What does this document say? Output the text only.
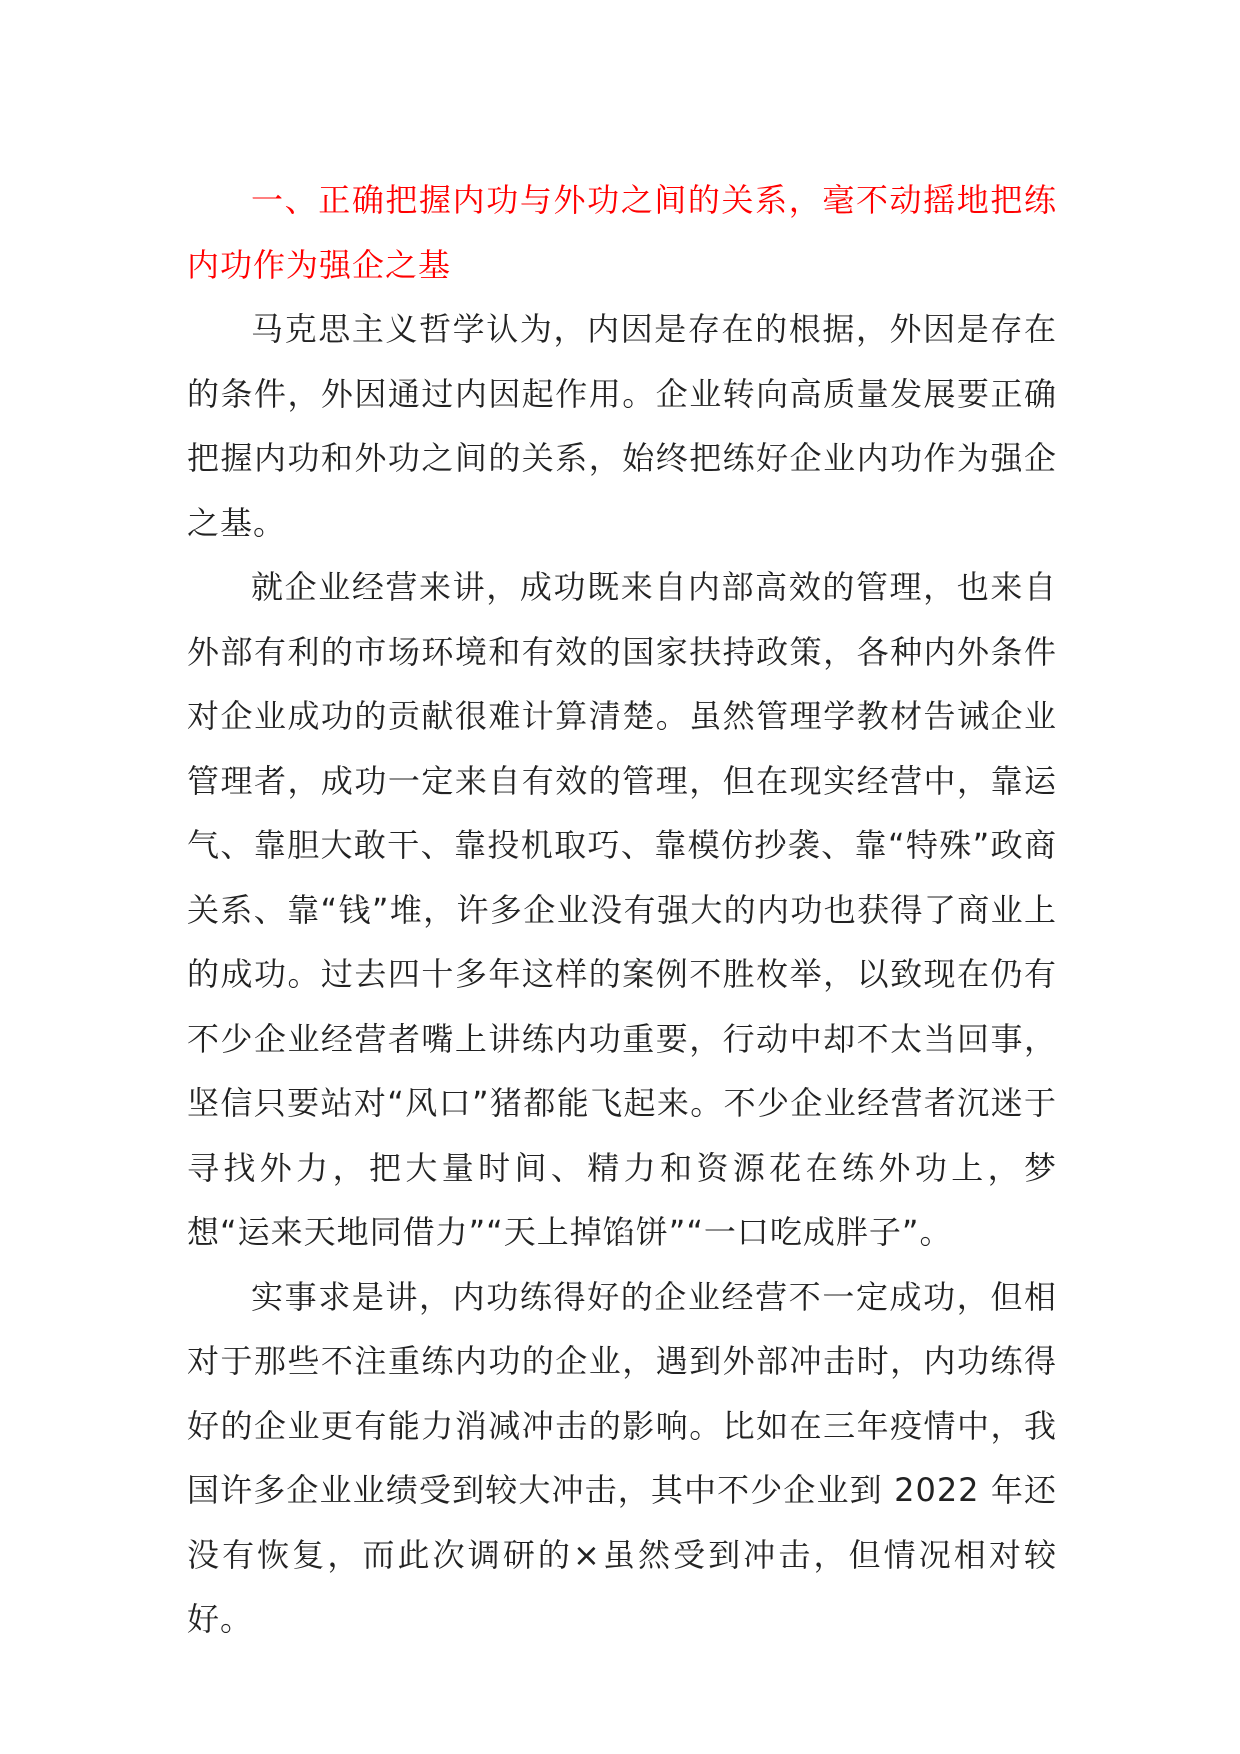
一、正确把握内功与外功之间的关系，毫不动摇地把练内功作为强企之基

马克思主义哲学认为，内因是存在的根据，外因是存在的条件，外因通过内因起作用。企业转向高质量发展要正确把握内功和外功之间的关系，始终把练好企业内功作为强企之基。

就企业经营来讲，成功既来自内部高效的管理，也来自外部有利的市场环境和有效的国家扶持政策，各种内外条件对企业成功的贡献很难计算清楚。虽然管理学教材告诫企业管理者，成功一定来自有效的管理，但在现实经营中，靠运气、靠胆大敢干、靠投机取巧、靠模仿抄袭、靠“特殊”政商关系、靠“钱”堆，许多企业没有强大的内功也获得了商业上的成功。过去四十多年这样的案例不胜枚举，以致现在仍有不少企业经营者嘴上讲练内功重要，行动中却不太当回事，坚信只要站对“风口”猪都能飞起来。不少企业经营者沉迷于寻找外力，把大量时间、精力和资源花在练外功上，梦想“运来天地同借力”“天上掉馅饼”“一口吃成胖子”。

实事求是讲，内功练得好的企业经营不一定成功，但相对于那些不注重练内功的企业，遇到外部冲击时，内功练得好的企业更有能力消减冲击的影响。比如在三年疫情中，我国许多企业业绩受到较大冲击，其中不少企业到 2022 年还没有恢复，而此次调研的×虽然受到冲击，但情况相对较好。
